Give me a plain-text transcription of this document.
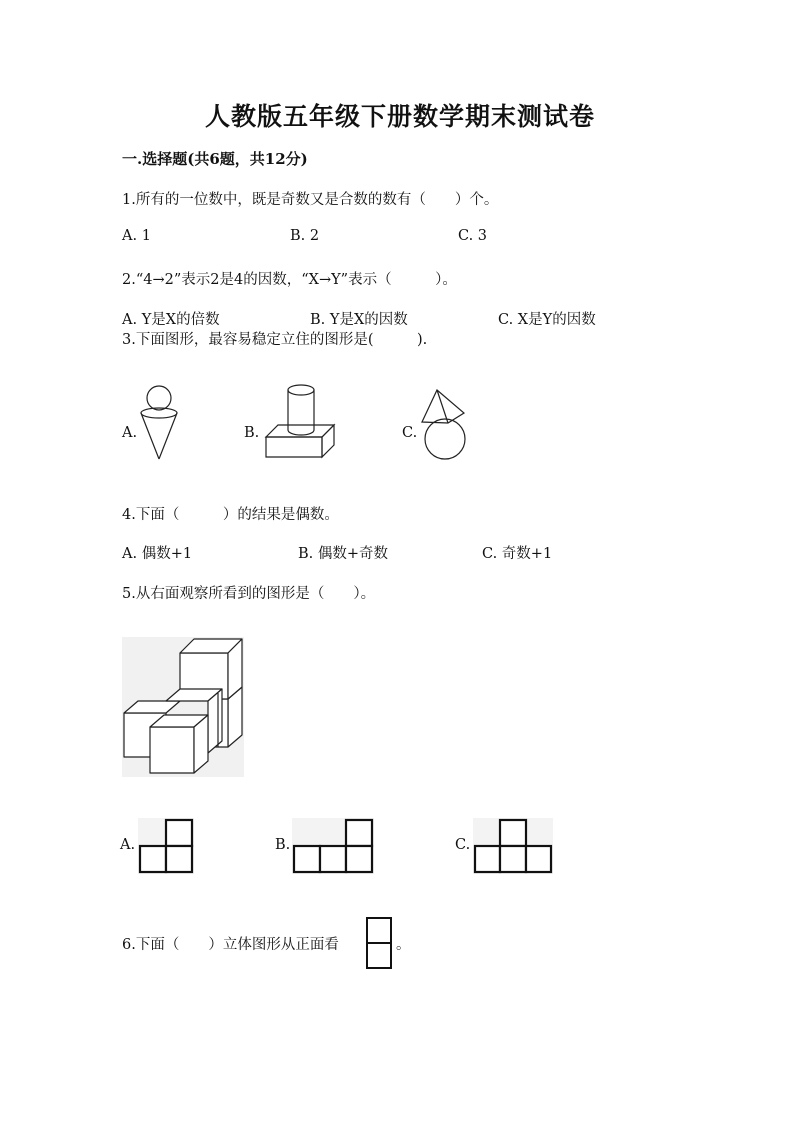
人教版五年级下册数学期末测试卷
一.选择题(共6题，共12分)
1.所有的一位数中，既是奇数又是合数的数有（　　）个。
A. 1	B. 2	C. 3
2.“4→2”表示2是4的因数，“X→Y”表示（　　　）。
A. Y是X的倍数	B. Y是X的因数	C. X是Y的因数
3.下面图形，最容易稳定立住的图形是(　　　).
A.	B.	C.
4.下面（　　　）的结果是偶数。
A. 偶数+1	B. 偶数+奇数	C. 奇数+1
5.从右面观察所看到的图形是（　　）。
A.	B.	C.
6.下面（　　）立体图形从正面看	。
